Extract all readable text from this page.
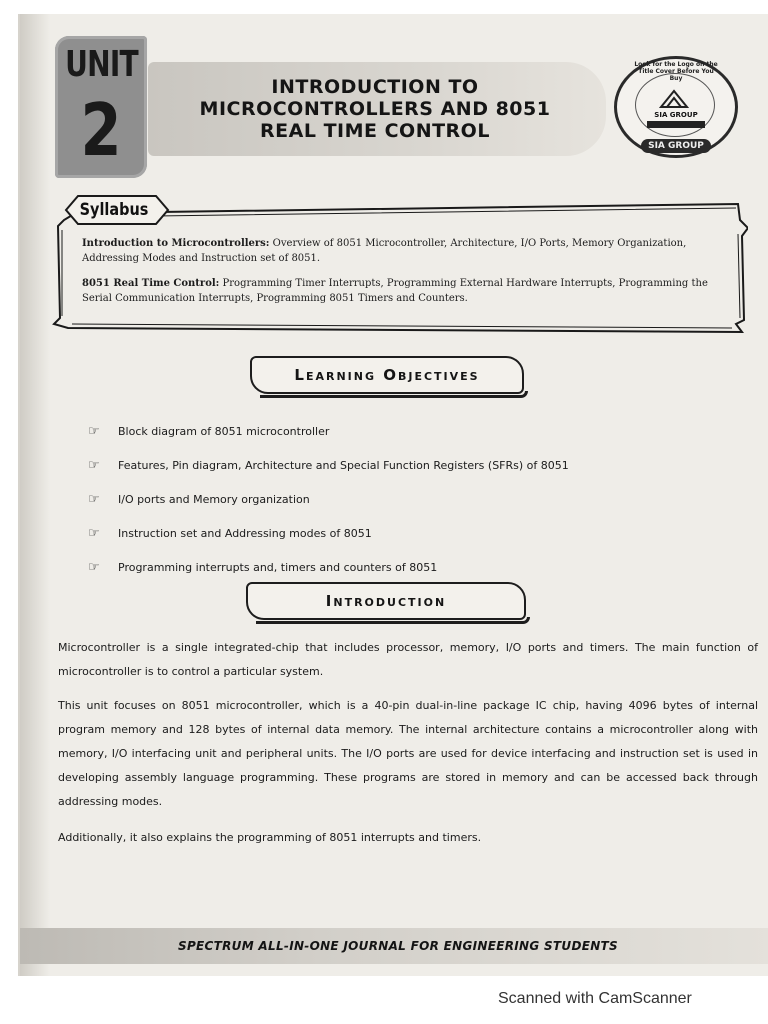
UNIT
2
INTRODUCTION TO
MICROCONTROLLERS AND 8051
REAL TIME CONTROL
Look for the Logo on the Title Cover Before You Buy
SIA GROUP
SIA GROUP
Syllabus
Introduction to Microcontrollers: Overview of 8051 Microcontroller, Architecture, I/O Ports, Memory Organization, Addressing Modes and Instruction set of 8051.
8051 Real Time Control: Programming Timer Interrupts, Programming External Hardware Interrupts, Programming the Serial Communication Interrupts, Programming 8051 Timers and Counters.
Learning Objectives
☞ Block diagram of 8051 microcontroller
☞ Features, Pin diagram, Architecture and Special Function Registers (SFRs) of 8051
☞ I/O ports and Memory organization
☞ Instruction set and Addressing modes of 8051
☞ Programming interrupts and, timers and counters of 8051
Introduction
Microcontroller is a single integrated-chip that includes processor, memory, I/O ports and timers. The main function of microcontroller is to control a particular system.
This unit focuses on 8051 microcontroller, which is a 40-pin dual-in-line package IC chip, having 4096 bytes of internal program memory and 128 bytes of internal data memory. The internal architecture contains a microcontroller along with memory, I/O interfacing unit and peripheral units. The I/O ports are used for device interfacing and instruction set is used in developing assembly language programming. These programs are stored in memory and can be accessed back through addressing modes.
Additionally, it also explains the programming of 8051 interrupts and timers.
SPECTRUM ALL-IN-ONE JOURNAL FOR ENGINEERING STUDENTS
Scanned with CamScanner
